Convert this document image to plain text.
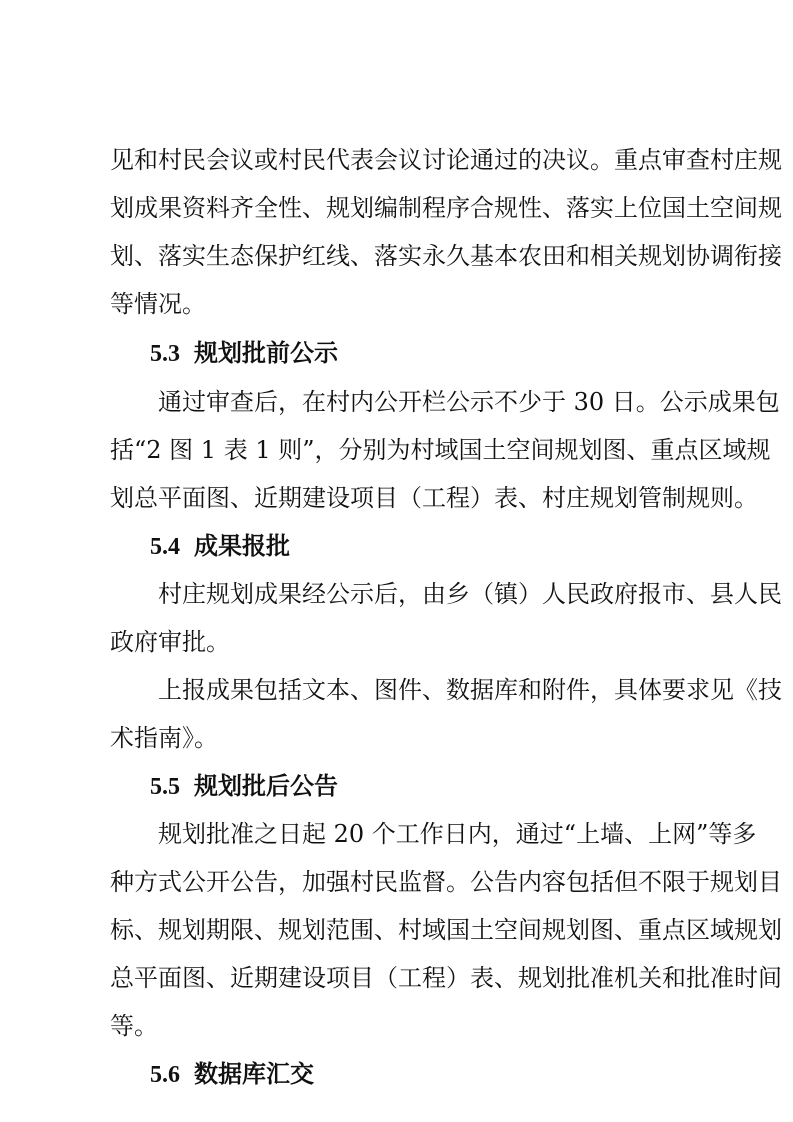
见和村民会议或村民代表会议讨论通过的决议。重点审查村庄规
划成果资料齐全性、规划编制程序合规性、落实上位国土空间规
划、落实生态保护红线、落实永久基本农田和相关规划协调衔接
等情况。
5.3 规划批前公示
通过审查后，在村内公开栏公示不少于 30 日。公示成果包
括“2 图 1 表 1 则”，分别为村域国土空间规划图、重点区域规
划总平面图、近期建设项目（工程）表、村庄规划管制规则。
5.4 成果报批
村庄规划成果经公示后，由乡（镇）人民政府报市、县人民
政府审批。
上报成果包括文本、图件、数据库和附件，具体要求见《技
术指南》。
5.5 规划批后公告
规划批准之日起 20 个工作日内，通过“上墙、上网”等多
种方式公开公告，加强村民监督。公告内容包括但不限于规划目
标、规划期限、规划范围、村域国土空间规划图、重点区域规划
总平面图、近期建设项目（工程）表、规划批准机关和批准时间
等。
5.6 数据库汇交
